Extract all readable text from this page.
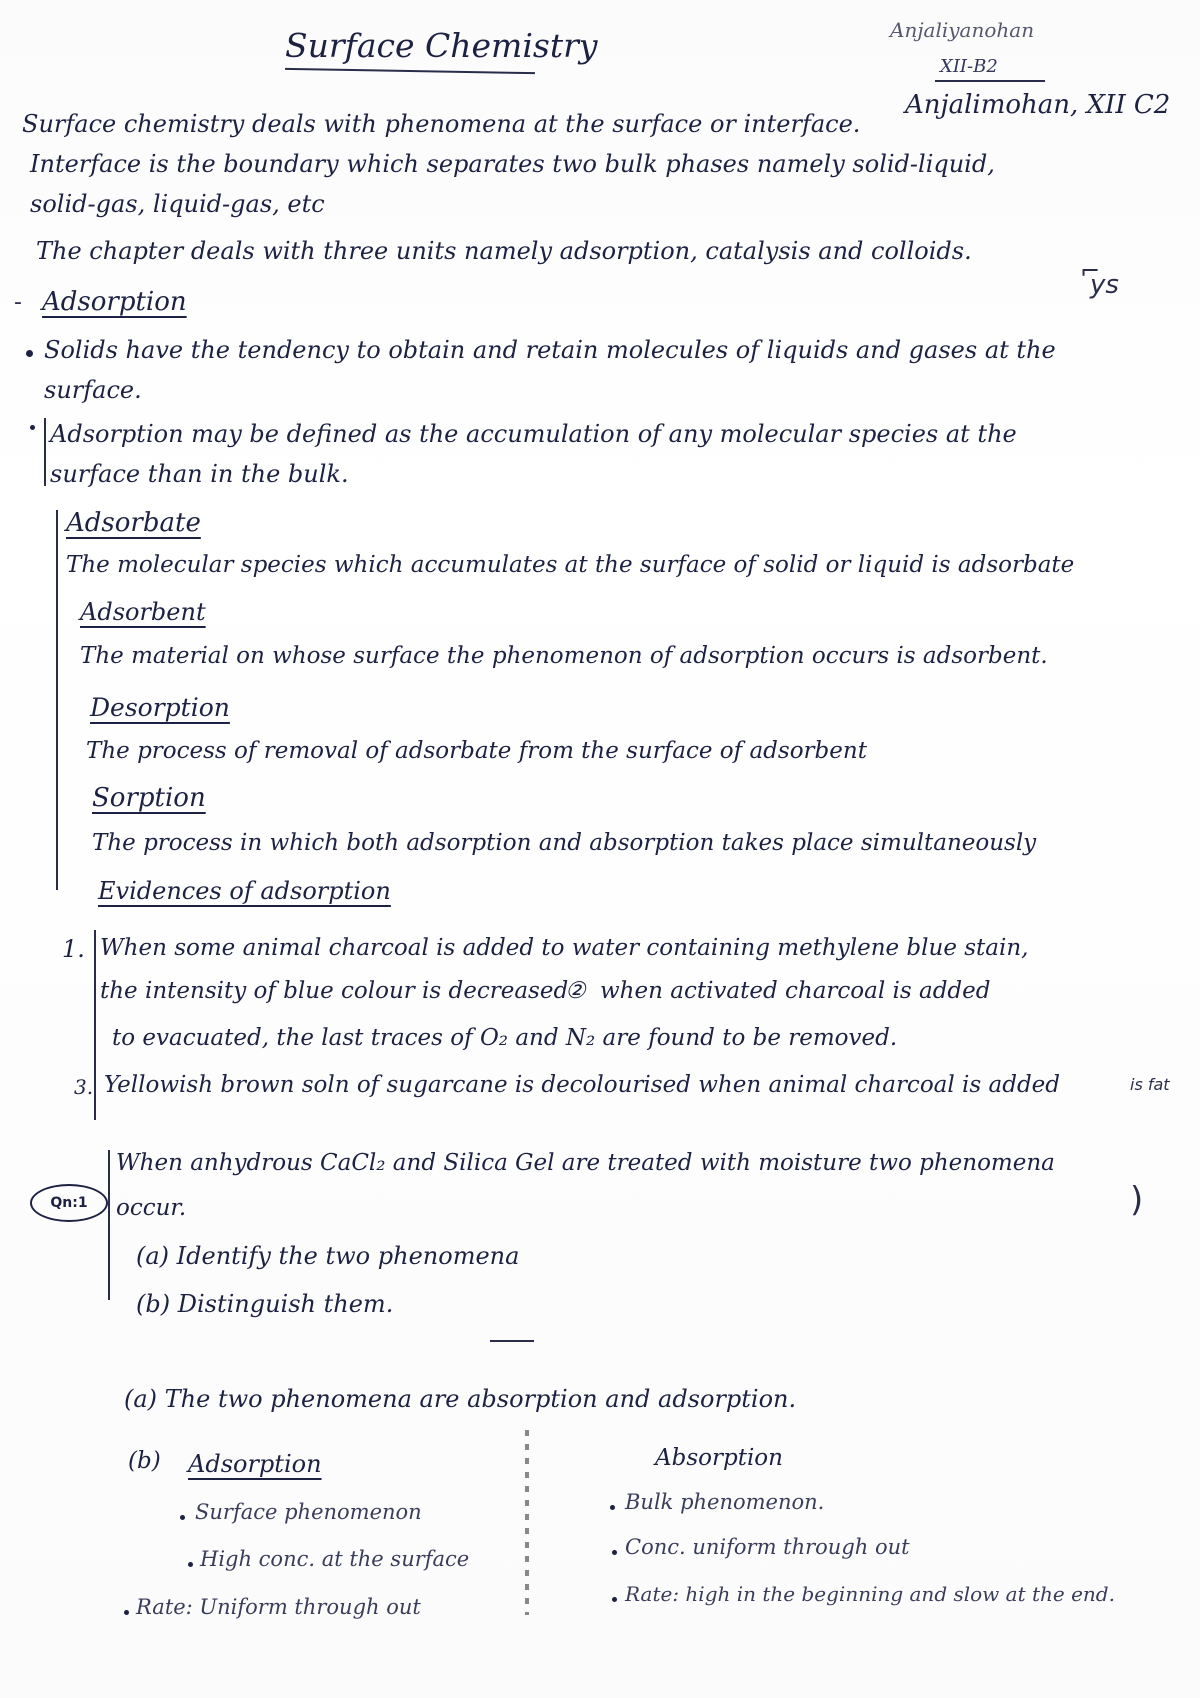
Surface Chemistry	Anjaliyanohan
XII-B2
Anjalimohan, XII C2
Surface chemistry deals with phenomena at the surface or interface.
Interface is the boundary which separates two bulk phases namely solid-liquid,
solid-gas, liquid-gas, etc
The chapter deals with three units namely adsorption, catalysis and colloids.
- Adsorption
Solids have the tendency to obtain and retain molecules of liquids and gases at the
surface.
Adsorption may be defined as the accumulation of any molecular species at the
surface than in the bulk.
Adsorbate
The molecular species which accumulates at the surface of solid or liquid is adsorbate
Adsorbent
The material on whose surface the phenomenon of adsorption occurs is adsorbent.
Desorption
The process of removal of adsorbate from the surface of adsorbent
Sorption
The process in which both adsorption and absorption takes place simultaneously
Evidences of adsorption
1. When some animal charcoal is added to water containing methylene blue stain,
the intensity of blue colour is decreased
② when activated charcoal is added
to evacuated, the last traces of O₂ and N₂ are found to be removed.
3. Yellowish brown soln of sugarcane is decolourised when animal charcoal is added
Qn:1
When anhydrous CaCl₂ and Silica Gel are treated with moisture two phenomena
occur.
(a) Identify the two phenomena
(b) Distinguish them.
(a) The two phenomena are absorption and adsorption.
(b) Adsorption	Absorption
Surface phenomenon
High conc. at the surface
Rate: Uniform through out
Bulk phenomenon.
Conc. uniform through out
Rate: high in the beginning and slow at the end.
ys
⌐
is fat
)
